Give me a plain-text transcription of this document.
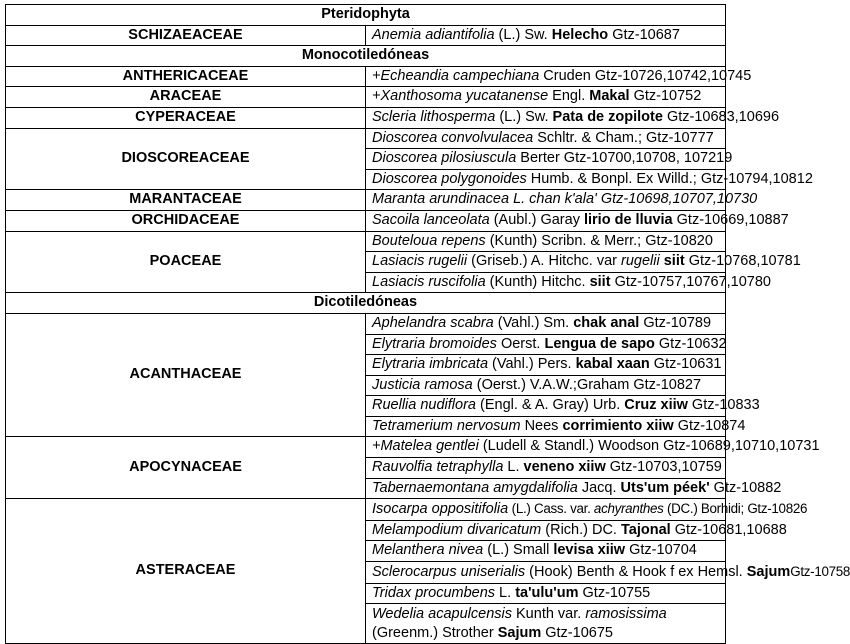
Pteridophyta	
SCHIZAEACEAE	Anemia adiantifolia (L.) Sw. Helecho Gtz-10687
Monocotiledóneas	
ANTHERICACEAE	+Echeandia campechiana Cruden Gtz-10726,10742,10745
ARACEAE	+Xanthosoma yucatanense Engl. Makal Gtz-10752
CYPERACEAE	Scleria lithosperma (L.) Sw. Pata de zopilote Gtz-10683,10696
DIOSCOREACEAE	Dioscorea convolvulacea Schltr. & Cham.; Gtz-10777
	Dioscorea pilosiuscula Berter Gtz-10700,10708, 107219
	Dioscorea polygonoides Humb. & Bonpl. Ex Willd.; Gtz-10794,10812
MARANTACEAE	Maranta arundinacea L. chan k'ala' Gtz-10698,10707,10730
ORCHIDACEAE	Sacoila lanceolata (Aubl.) Garay lirio de lluvia Gtz-10669,10887
POACEAE	Bouteloua repens (Kunth) Scribn. & Merr.; Gtz-10820
	Lasiacis rugelii (Griseb.) A. Hitchc. var rugelii siit Gtz-10768,10781
	Lasiacis ruscifolia (Kunth) Hitchc. siit Gtz-10757,10767,10780
Dicotiledóneas	
ACANTHACEAE	Aphelandra scabra (Vahl.) Sm. chak anal Gtz-10789
	Elytraria bromoides Oerst. Lengua de sapo Gtz-10632
	Elytraria imbricata (Vahl.) Pers. kabal xaan Gtz-10631
	Justicia ramosa (Oerst.) V.A.W.;Graham Gtz-10827
	Ruellia nudiflora (Engl. & A. Gray) Urb. Cruz xiiw Gtz-10833
	Tetramerium nervosum Nees corrimiento xiiw Gtz-10874
APOCYNACEAE	+Matelea gentlei (Ludell & Standl.) Woodson Gtz-10689,10710,10731
	Rauvolfia tetraphylla L. veneno xiiw Gtz-10703,10759
	Tabernaemontana amygdalifolia Jacq. Uts'um péek' Gtz-10882
ASTERACEAE	Isocarpa oppositifolia (L.) Cass. var. achyranthes (DC.) Borhidi; Gtz-10826
	Melampodium divaricatum (Rich.) DC. Tajonal Gtz-10681,10688
	Melanthera nivea (L.) Small levisa xiiw Gtz-10704
	Sclerocarpus uniserialis (Hook) Benth & Hook f ex Hemsl. SajumGtz-10758
	Tridax procumbens L. ta'ulu'um Gtz-10755
	Wedelia acapulcensis Kunth var. ramosissima (Greenm.) Strother Sajum Gtz-10675
